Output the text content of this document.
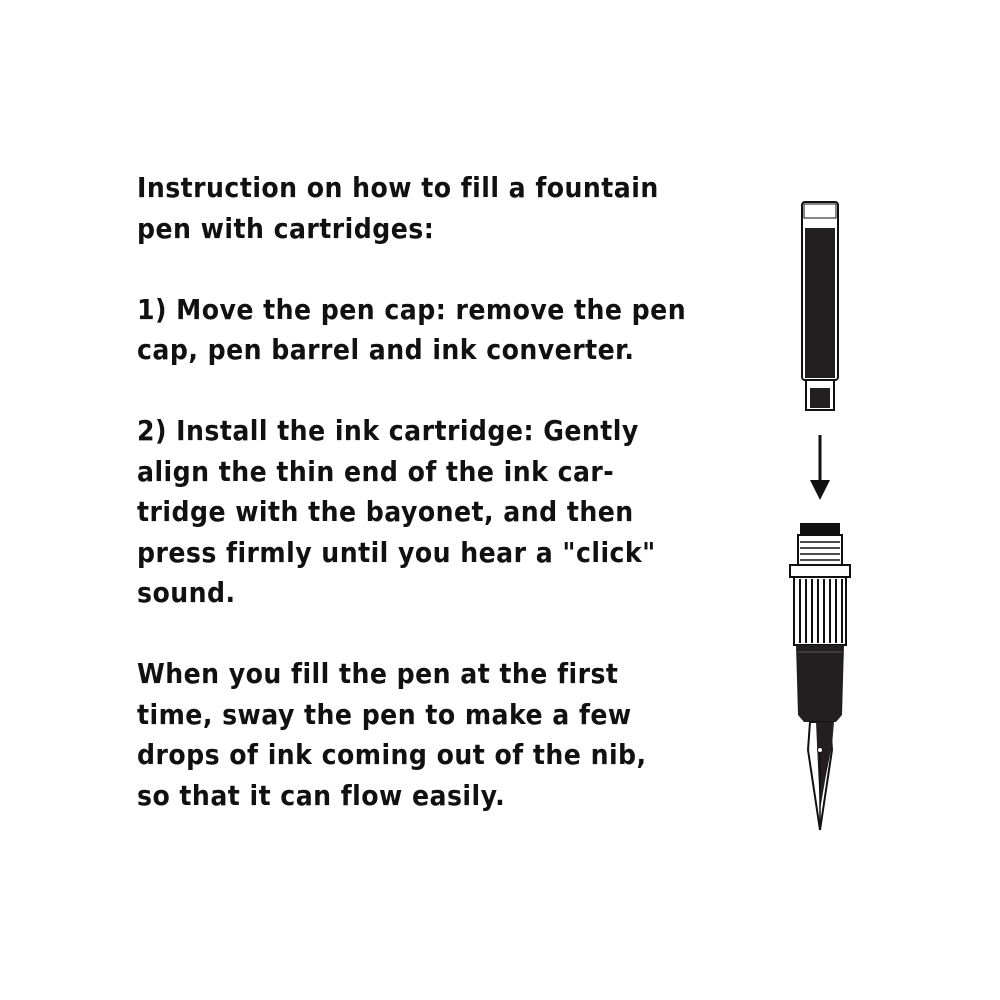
Instruction on how to fill a fountain
pen with cartridges:
1) Move the pen cap: remove the pen
cap, pen barrel and ink converter.
2) Install the ink cartridge: Gently
align the thin end of the ink car-
tridge with the bayonet, and then
press firmly until you hear a "click"
sound.
When you fill the pen at the first
time, sway the pen to make a few
drops of ink coming out of the nib,
so that it can flow easily.
